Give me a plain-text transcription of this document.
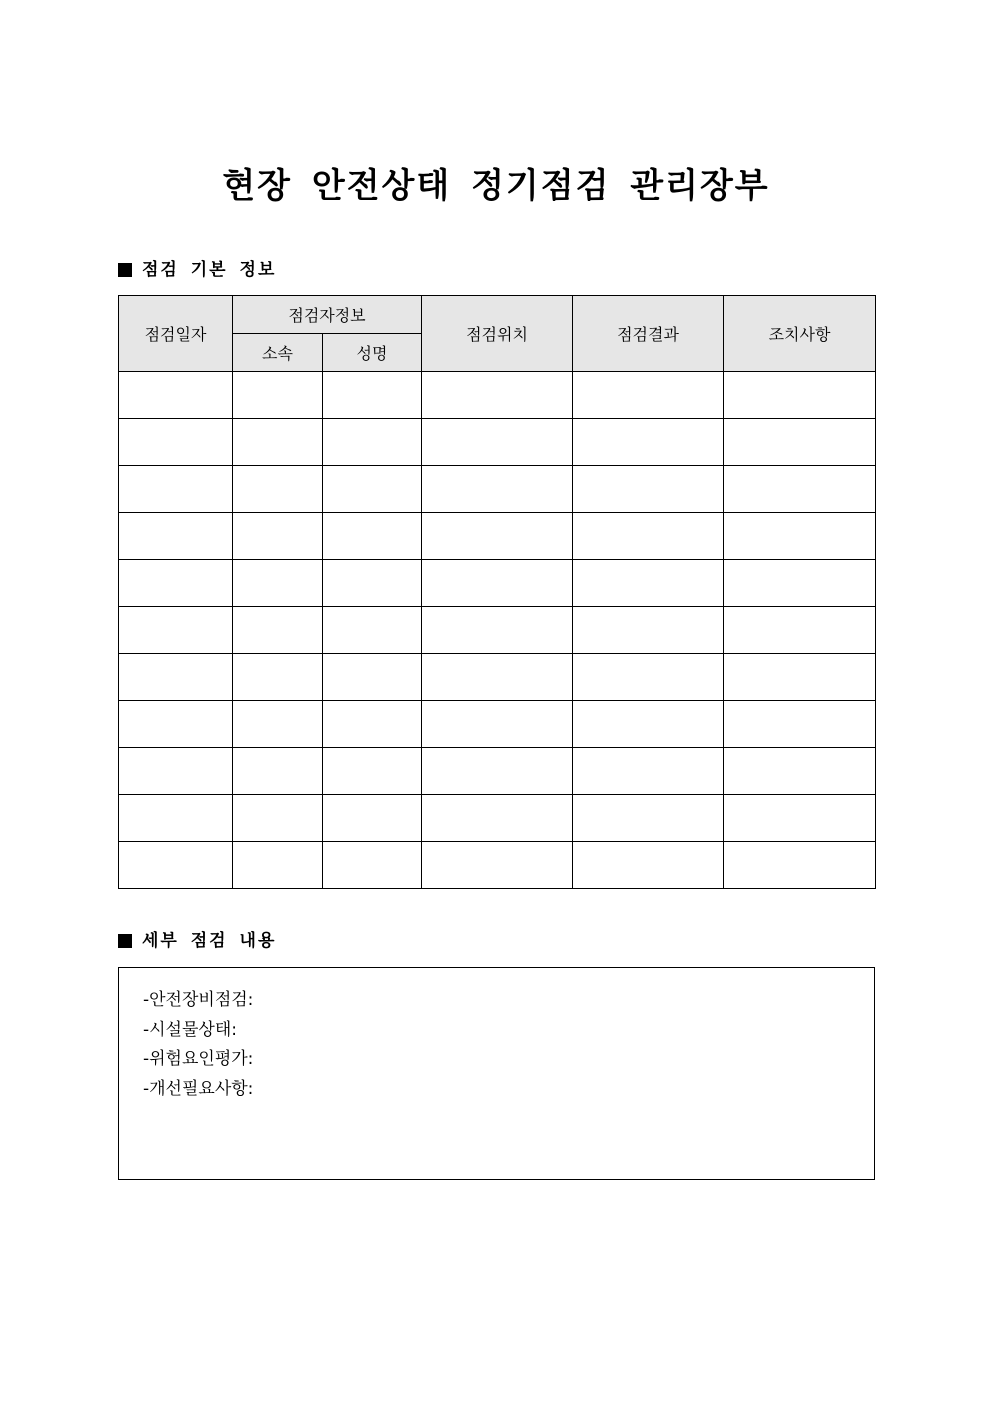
현장 안전상태 정기점검 관리장부
점검 기본 정보
점검일자	점검자정보		점검위치	점검결과	조치사항
	소속	성명			

세부 점검 내용
-안전장비점검:
-시설물상태:
-위험요인평가:
-개선필요사항:
